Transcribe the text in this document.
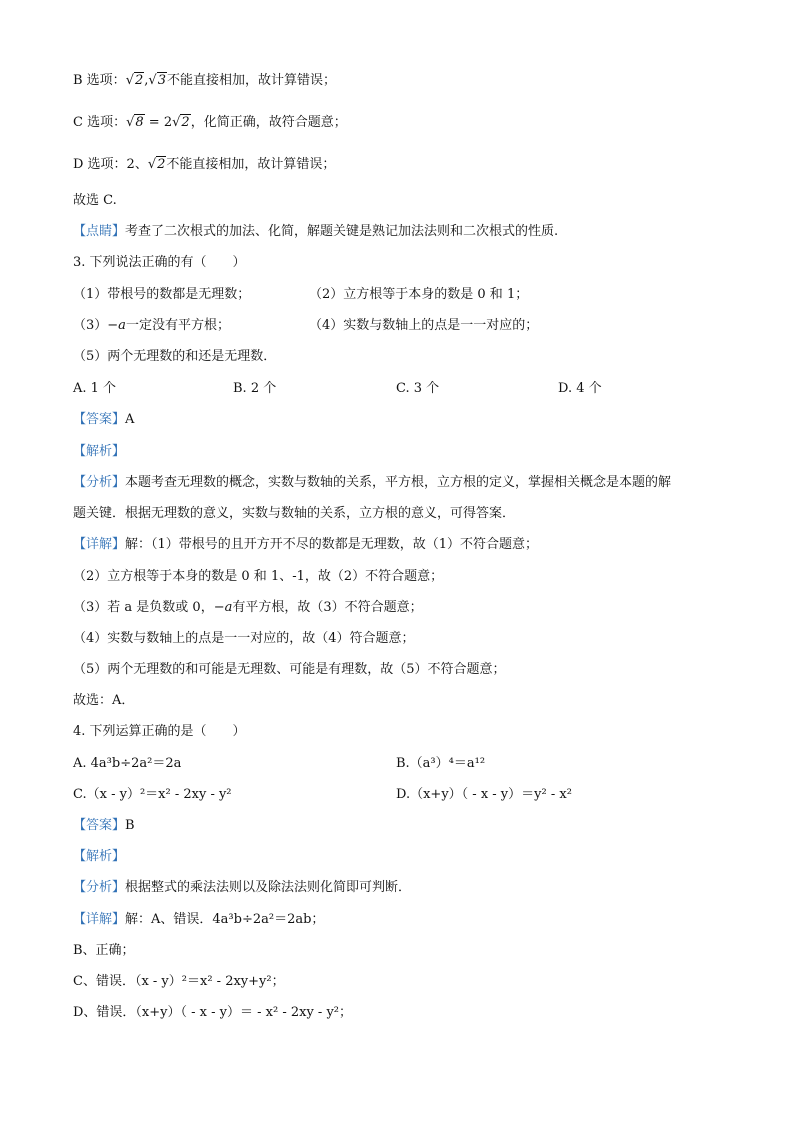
B 选项：√2,√3不能直接相加，故计算错误；
C 选项：√8 = 2√2，化简正确，故符合题意；
D 选项：2、√2不能直接相加，故计算错误；
故选 C.
【点睛】考查了二次根式的加法、化简，解题关键是熟记加法法则和二次根式的性质.
3. 下列说法正确的有（　　）
（1）带根号的数都是无理数；	（2）立方根等于本身的数是 0 和 1；
（3）−a一定没有平方根；	（4）实数与数轴上的点是一一对应的；
（5）两个无理数的和还是无理数．
A. 1 个	B. 2 个	C. 3 个	D. 4 个
【答案】A
【解析】
【分析】本题考查无理数的概念，实数与数轴的关系，平方根，立方根的定义，掌握相关概念是本题的解
题关键．根据无理数的意义，实数与数轴的关系，立方根的意义，可得答案．
【详解】解：（1）带根号的且开方开不尽的数都是无理数，故（1）不符合题意；
（2）立方根等于本身的数是 0 和 1、-1，故（2）不符合题意；
（3）若 a 是负数或 0，−a有平方根，故（3）不符合题意；
（4）实数与数轴上的点是一一对应的，故（4）符合题意；
（5）两个无理数的和可能是无理数、可能是有理数，故（5）不符合题意；
故选：A．
4. 下列运算正确的是（　　）
A. 4a³b÷2a²＝2a	B.（a³）⁴＝a¹²
C.（x - y）²＝x² - 2xy - y²	D.（x+y）（ - x - y）＝y² - x²
【答案】B
【解析】
【分析】根据整式的乘法法则以及除法法则化简即可判断．
【详解】解：A、错误．4a³b÷2a²＝2ab；
B、正确；
C、错误．（x - y）²＝x² - 2xy+y²；
D、错误．（x+y）（ - x - y）＝ - x² - 2xy - y²；
